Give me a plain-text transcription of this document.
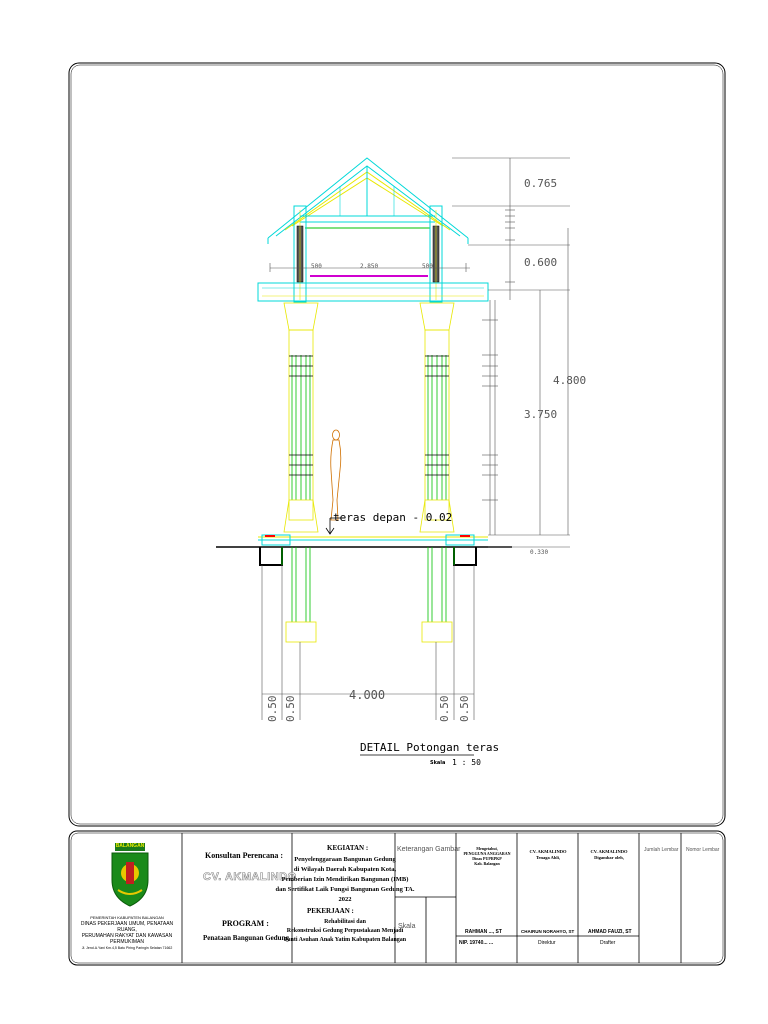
500	2.850	500
teras depan - 0.02
0.765
0.600
4.800
3.750
0.330
4.000
0.50 0.50	0.50 0.50
DETAIL Potongan teras
Skala 1 : 50
BALANGAN
PEMERINTAH KABUPATEN BALANGAN
DINAS PEKERJAAN UMUM, PENATAAN RUANG,
PERUMAHAN RAKYAT DAN KAWASAN PERMUKIMAN
Jl. Jend.A.Yani Km.4,5 Batu Piring Paringin Selatan 71662
Konsultan Perencana :
CV. AKMALINDO
PROGRAM :
Penataan Bangunan Gedung
KEGIATAN :
Penyelenggaraan Bangunan Gedung
di Wilayah Daerah Kabupaten Kota,
Pemberian Izin Mendirikan Bangunan (IMB)
dan Sertifikat Laik Fungsi Bangunan Gedung TA. 2022
PEKERJAAN :
Rehabilitasi dan
Rekonstruksi Gedung Perpustakaan Menjadi
Panti Asuhan Anak Yatim Kabupaten Balangan
Keterangan Gambar
Skala
Mengetahui,
PENGGUNA ANGGARAN
Dinas PUPRPKP
Kab. Balangan
RAHMAN ..., ST
NIP. 19740... ...
CV. AKMALINDO
Tenaga Ahli,
CHAIRUN NORAHYO, ST
Direktur
CV. AKMALINDO
Digambar oleh,
AHMAD FAUZI, ST
Drafter
Jumlah Lembar Nomor Lembar
